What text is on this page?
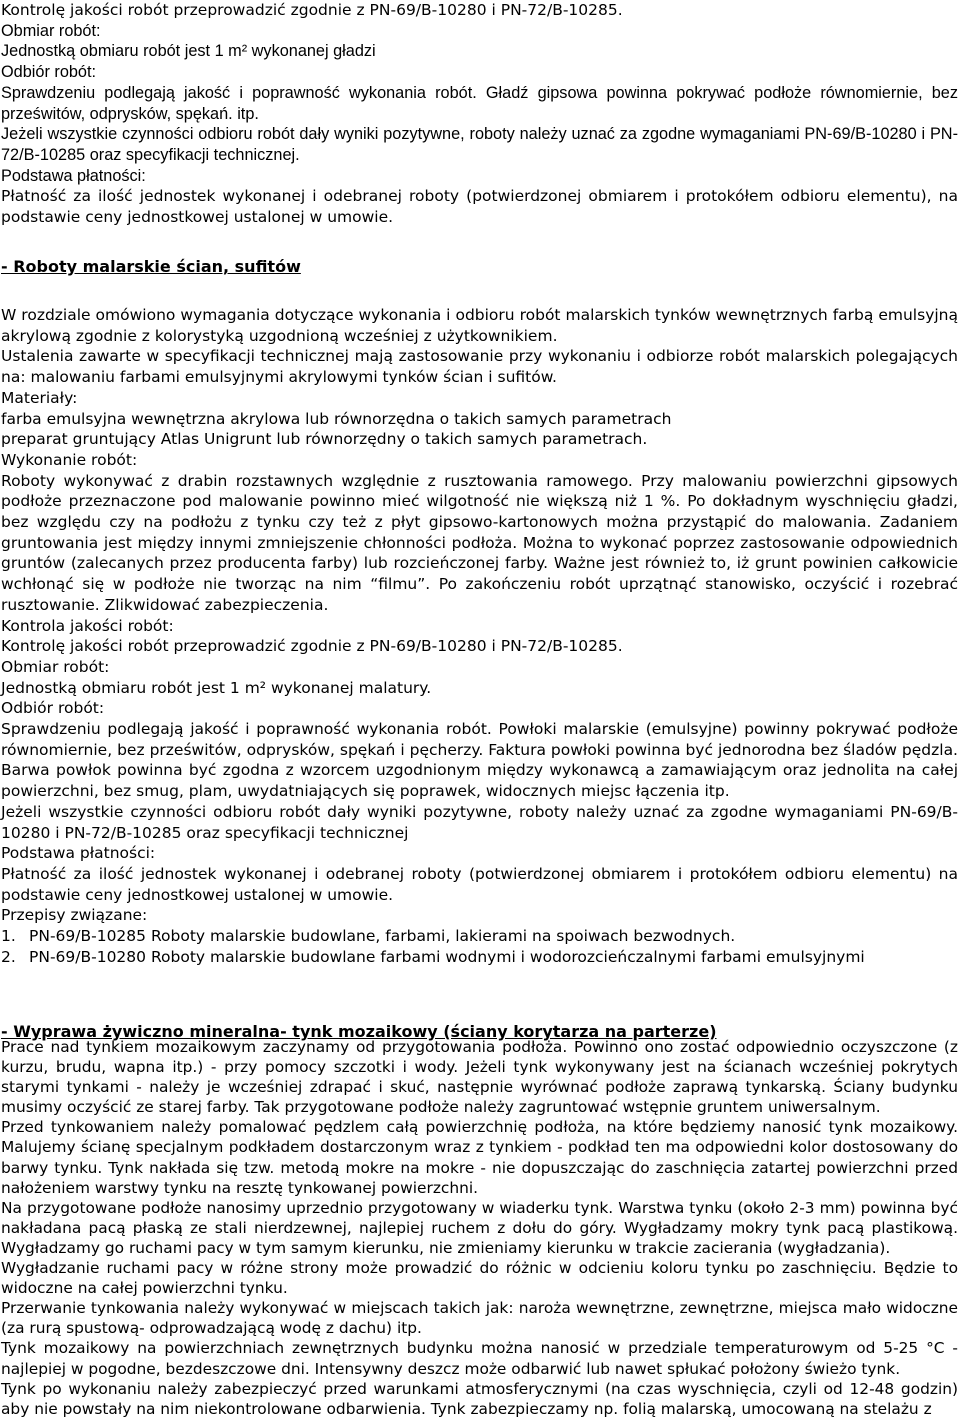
Kontrolę jakości robót przeprowadzić zgodnie z PN-69/B-10280 i PN-72/B-10285.

Obmiar robót:

Jednostką obmiaru robót jest 1 m² wykonanej gładzi

Odbiór robót:

Sprawdzeniu podlegają jakość i poprawność wykonania robót. Gładź gipsowa powinna pokrywać podłoże równomiernie, bez prześwitów, odprysków, spękań. itp.

Jeżeli wszystkie czynności odbioru robót dały wyniki pozytywne, roboty należy uznać za zgodne wymaganiami PN-69/B-10280 i PN-72/B-10285 oraz specyfikacji technicznej.

Podstawa płatności:

Płatność za ilość jednostek wykonanej i odebranej roboty (potwierdzonej obmiarem i protokółem odbioru elementu), na podstawie ceny jednostkowej ustalonej w umowie.

- Roboty malarskie ścian, sufitów

W rozdziale omówiono wymagania dotyczące wykonania i odbioru robót malarskich tynków wewnętrznych farbą emulsyjną akrylową zgodnie z kolorystyką uzgodnioną wcześniej z użytkownikiem.

Ustalenia zawarte w specyfikacji technicznej mają zastosowanie przy wykonaniu i odbiorze robót malarskich polegających na: malowaniu farbami emulsyjnymi akrylowymi tynków ścian i sufitów.

Materiały:

farba emulsyjna wewnętrzna akrylowa lub równorzędna o takich samych parametrach

preparat gruntujący Atlas Unigrunt lub równorzędny o takich samych parametrach.

Wykonanie robót:

Roboty wykonywać z drabin rozstawnych względnie z rusztowania ramowego. Przy malowaniu powierzchni gipsowych podłoże przeznaczone pod malowanie powinno mieć wilgotność nie większą niż 1 %. Po dokładnym wyschnięciu gładzi, bez względu czy na podłożu z tynku czy też z płyt gipsowo-kartonowych można przystąpić do malowania. Zadaniem gruntowania jest między innymi zmniejszenie chłonności podłoża. Można to wykonać poprzez zastosowanie odpowiednich gruntów (zalecanych przez producenta farby) lub rozcieńczonej farby. Ważne jest również to, iż grunt powinien całkowicie wchłonąć się w podłoże nie tworząc na nim “filmu”. Po zakończeniu robót uprzątnąć stanowisko, oczyścić i rozebrać rusztowanie. Zlikwidować zabezpieczenia.

Kontrola jakości robót:

Kontrolę jakości robót przeprowadzić zgodnie z PN-69/B-10280 i PN-72/B-10285.

Obmiar robót:

Jednostką obmiaru robót jest 1 m² wykonanej malatury.

Odbiór robót:

Sprawdzeniu podlegają jakość i poprawność wykonania robót. Powłoki malarskie (emulsyjne) powinny pokrywać podłoże równomiernie, bez prześwitów, odprysków, spękań i pęcherzy. Faktura powłoki powinna być jednorodna bez śladów pędzla. Barwa powłok powinna być zgodna z wzorcem uzgodnionym między wykonawcą a zamawiającym oraz jednolita na całej powierzchni, bez smug, plam, uwydatniających się poprawek, widocznych miejsc łączenia itp.

Jeżeli wszystkie czynności odbioru robót dały wyniki pozytywne, roboty należy uznać za zgodne wymaganiami PN-69/B-10280 i PN-72/B-10285 oraz specyfikacji technicznej

Podstawa płatności:

Płatność za ilość jednostek wykonanej i odebranej roboty (potwierdzonej obmiarem i protokółem odbioru elementu) na podstawie ceny jednostkowej ustalonej w umowie.

Przepisy związane:

1. PN-69/B-10285 Roboty malarskie budowlane, farbami, lakierami na spoiwach bezwodnych.
2. PN-69/B-10280 Roboty malarskie budowlane farbami wodnymi i wodorozcieńczalnymi farbami emulsyjnymi
- Wyprawa żywiczno mineralna- tynk mozaikowy (ściany korytarza na parterze)

Prace nad tynkiem mozaikowym zaczynamy od przygotowania podłoża. Powinno ono zostać odpowiednio oczyszczone (z kurzu, brudu, wapna itp.) - przy pomocy szczotki i wody. Jeżeli tynk wykonywany jest na ścianach wcześniej pokrytych starymi tynkami - należy je wcześniej zdrapać i skuć, następnie wyrównać podłoże zaprawą tynkarską. Ściany budynku musimy oczyścić ze starej farby. Tak przygotowane podłoże należy zagruntować wstępnie gruntem uniwersalnym.

Przed tynkowaniem należy pomalować pędzlem całą powierzchnię podłoża, na które będziemy nanosić tynk mozaikowy. Malujemy ścianę specjalnym podkładem dostarczonym wraz z tynkiem - podkład ten ma odpowiedni kolor dostosowany do barwy tynku. Tynk nakłada się tzw. metodą mokre na mokre - nie dopuszczając do zaschnięcia zatartej powierzchni przed nałożeniem warstwy tynku na resztę tynkowanej powierzchni.

Na przygotowane podłoże nanosimy uprzednio przygotowany w wiaderku tynk. Warstwa tynku (około 2-3 mm) powinna być nakładana pacą płaską ze stali nierdzewnej, najlepiej ruchem z dołu do góry. Wygładzamy mokry tynk pacą plastikową. Wygładzamy go ruchami pacy w tym samym kierunku, nie zmieniamy kierunku w trakcie zacierania (wygładzania).

Wygładzanie ruchami pacy w różne strony może prowadzić do różnic w odcieniu koloru tynku po zaschnięciu. Będzie to widoczne na całej powierzchni tynku.

Przerwanie tynkowania należy wykonywać w miejscach takich jak: naroża wewnętrzne, zewnętrzne, miejsca mało widoczne (za rurą spustową- odprowadzającą wodę z dachu) itp.

Tynk mozaikowy na powierzchniach zewnętrznych budynku można nanosić w przedziale temperaturowym od 5-25 °C - najlepiej w pogodne, bezdeszczowe dni. Intensywny deszcz może odbarwić lub nawet spłukać położony świeżo tynk.

Tynk po wykonaniu należy zabezpieczyć przed warunkami atmosferycznymi (na czas wyschnięcia, czyli od 12-48 godzin) aby nie powstały na nim niekontrolowane odbarwienia. Tynk zabezpieczamy np. folią malarską, umocowaną na stelażu z
